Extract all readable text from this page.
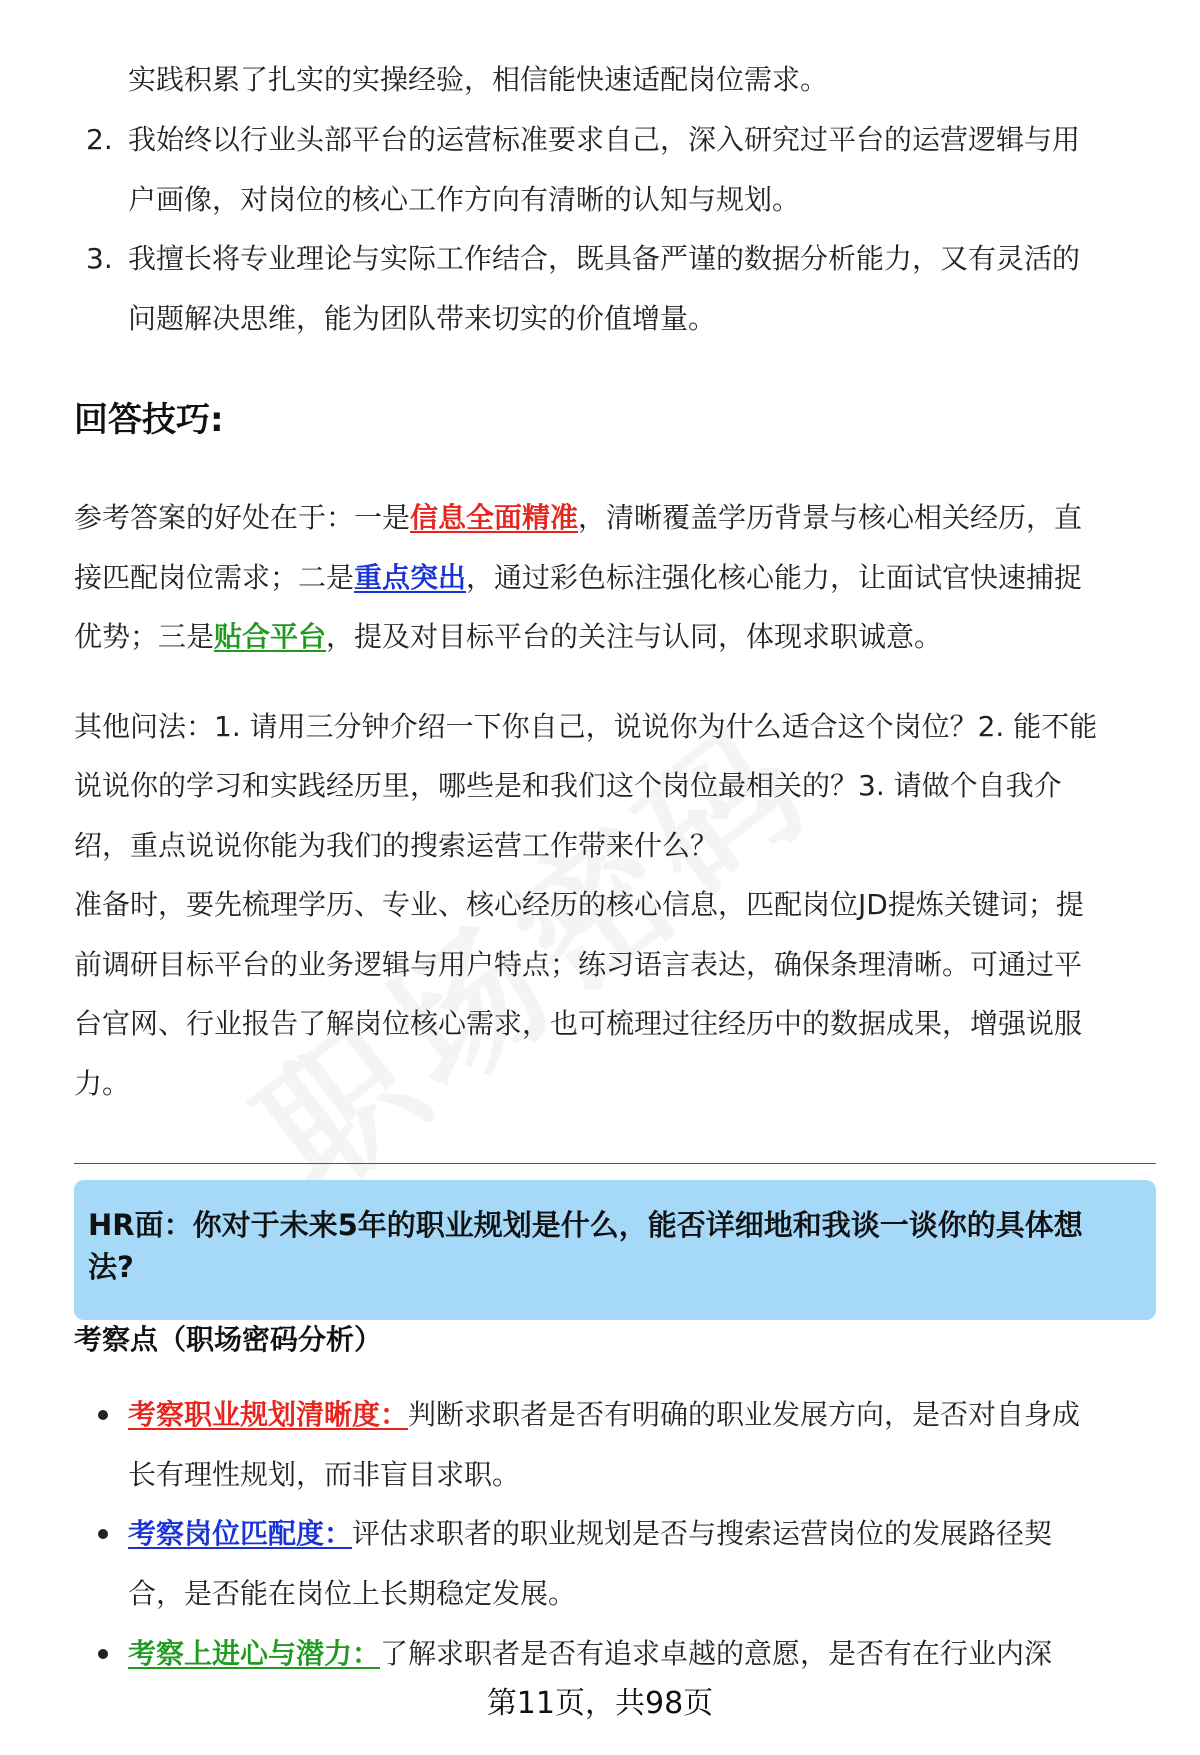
实践积累了扎实的实操经验，相信能快速适配岗位需求。
2. 我始终以行业头部平台的运营标准要求自己，深入研究过平台的运营逻辑与用
户画像，对岗位的核心工作方向有清晰的认知与规划。
3. 我擅长将专业理论与实际工作结合，既具备严谨的数据分析能力，又有灵活的
问题解决思维，能为团队带来切实的价值增量。
回答技巧:
参考答案的好处在于：一是信息全面精准，清晰覆盖学历背景与核心相关经历，直
接匹配岗位需求；二是重点突出，通过彩色标注强化核心能力，让面试官快速捕捉
优势；三是贴合平台，提及对目标平台的关注与认同，体现求职诚意。
其他问法：1. 请用三分钟介绍一下你自己，说说你为什么适合这个岗位？2. 能不能
说说你的学习和实践经历里，哪些是和我们这个岗位最相关的？3. 请做个自我介
绍，重点说说你能为我们的搜索运营工作带来什么？
准备时，要先梳理学历、专业、核心经历的核心信息，匹配岗位JD提炼关键词；提
前调研目标平台的业务逻辑与用户特点；练习语言表达，确保条理清晰。可通过平
台官网、行业报告了解岗位核心需求，也可梳理过往经历中的数据成果，增强说服
力。
HR面：你对于未来5年的职业规划是什么，能否详细地和我谈一谈你的具体想
法?
考察点（职场密码分析）
考察职业规划清晰度：判断求职者是否有明确的职业发展方向，是否对自身成
长有理性规划，而非盲目求职。
考察岗位匹配度：评估求职者的职业规划是否与搜索运营岗位的发展路径契
合，是否能在岗位上长期稳定发展。
考察上进心与潜力：了解求职者是否有追求卓越的意愿，是否有在行业内深
第11页，共98页
